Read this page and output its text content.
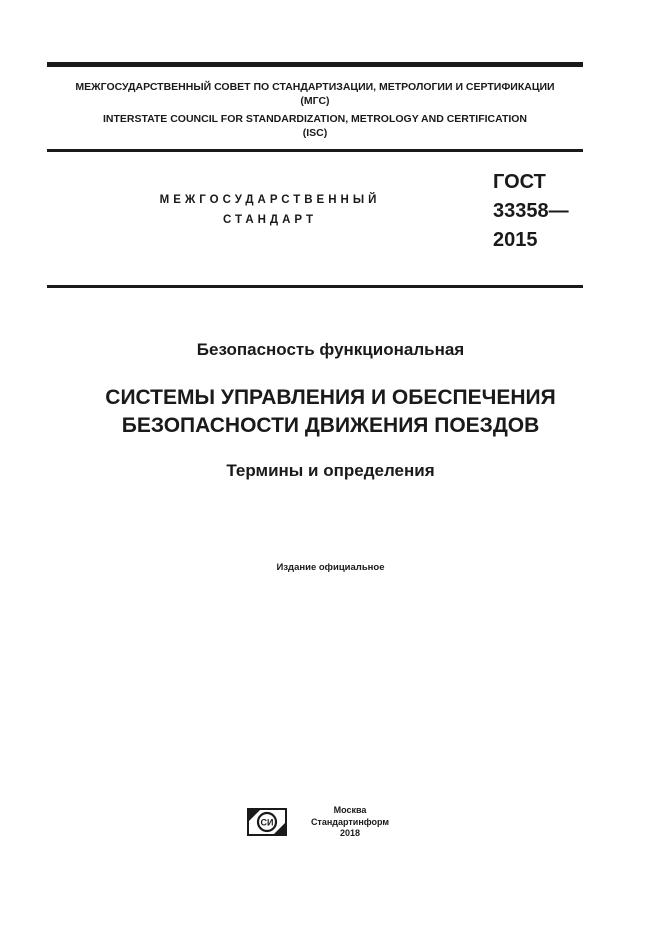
МЕЖГОСУДАРСТВЕННЫЙ СОВЕТ ПО СТАНДАРТИЗАЦИИ, МЕТРОЛОГИИ И СЕРТИФИКАЦИИ
(МГС)
INTERSTATE COUNCIL FOR STANDARDIZATION, METROLOGY AND CERTIFICATION
(ISC)
МЕЖГОСУДАРСТВЕННЫЙ
СТАНДАРТ
ГОСТ
33358—
2015
Безопасность функциональная
СИСТЕМЫ УПРАВЛЕНИЯ И ОБЕСПЕЧЕНИЯ
БЕЗОПАСНОСТИ ДВИЖЕНИЯ ПОЕЗДОВ
Термины и определения
Издание официальное
СИ
Москва
Стандартинформ
2018
